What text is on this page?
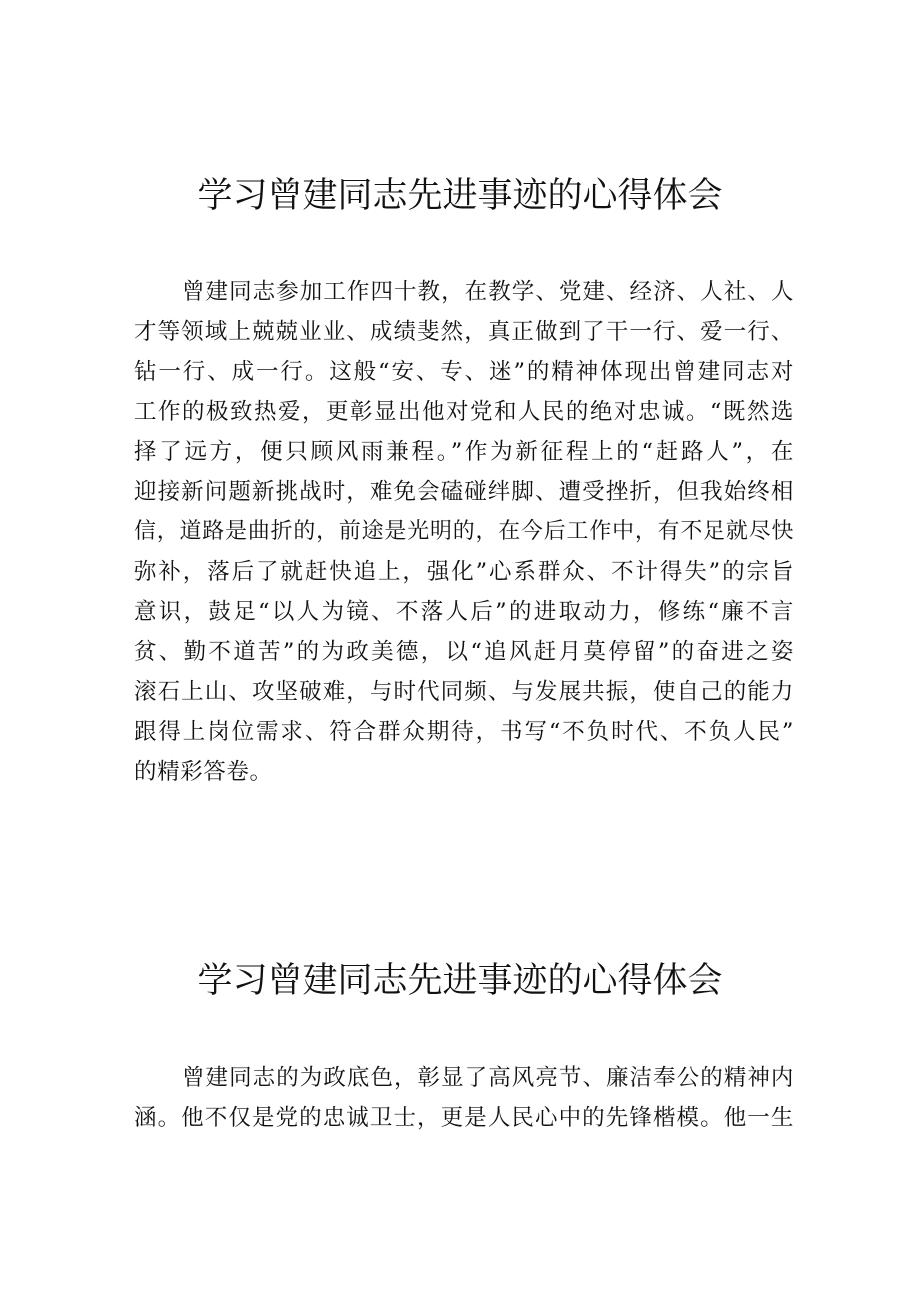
学习曾建同志先进事迹的心得体会
曾建同志参加工作四十教，在教学、党建、经济、人社、人
才等领域上兢兢业业、成绩斐然，真正做到了干一行、爱一行、
钻一行、成一行。这般“安、专、迷”的精神体现出曾建同志对
工作的极致热爱，更彰显出他对党和人民的绝对忠诚。“既然选
择了远方，便只顾风雨兼程。”作为新征程上的“赶路人”，在
迎接新问题新挑战时，难免会磕碰绊脚、遭受挫折，但我始终相
信，道路是曲折的，前途是光明的，在今后工作中，有不足就尽快
弥补，落后了就赶快追上，强化”心系群众、不计得失”的宗旨
意识，鼓足“以人为镜、不落人后”的进取动力，修练“廉不言
贫、勤不道苦”的为政美德，以“追风赶月莫停留”的奋进之姿
滚石上山、攻坚破难，与时代同频、与发展共振，使自己的能力
跟得上岗位需求、符合群众期待，书写“不负时代、不负人民”
的精彩答卷。
学习曾建同志先进事迹的心得体会
曾建同志的为政底色，彰显了高风亮节、廉洁奉公的精神内
涵。他不仅是党的忠诚卫士，更是人民心中的先锋楷模。他一生
